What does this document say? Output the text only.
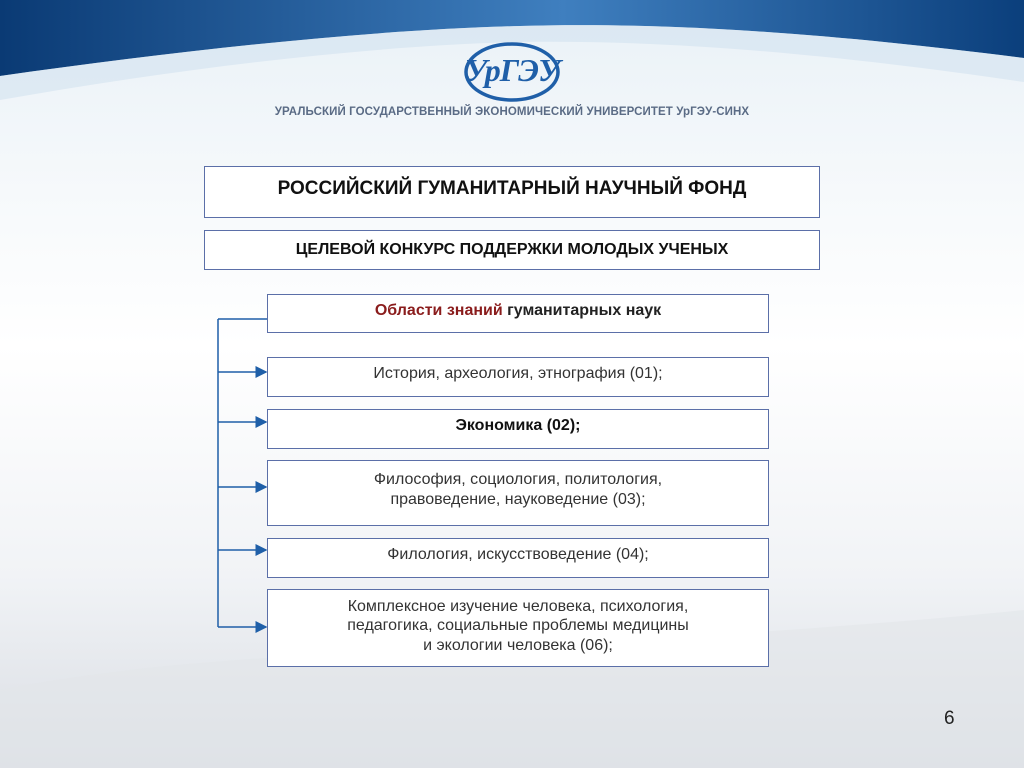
УрГЭУ
УРАЛЬСКИЙ ГОСУДАРСТВЕННЫЙ ЭКОНОМИЧЕСКИЙ УНИВЕРСИТЕТ УрГЭУ-СИНХ
РОССИЙСКИЙ ГУМАНИТАРНЫЙ НАУЧНЫЙ ФОНД
ЦЕЛЕВОЙ КОНКУРС ПОДДЕРЖКИ МОЛОДЫХ УЧЕНЫХ
Области знаний гуманитарных наук
История, археология, этнография (01);
Экономика (02);
Философия, социология, политология,
правоведение, науковедение (03);
Филология, искусствоведение (04);
Комплексное изучение человека, психология,
педагогика, социальные проблемы медицины
и экологии человека (06);
6
